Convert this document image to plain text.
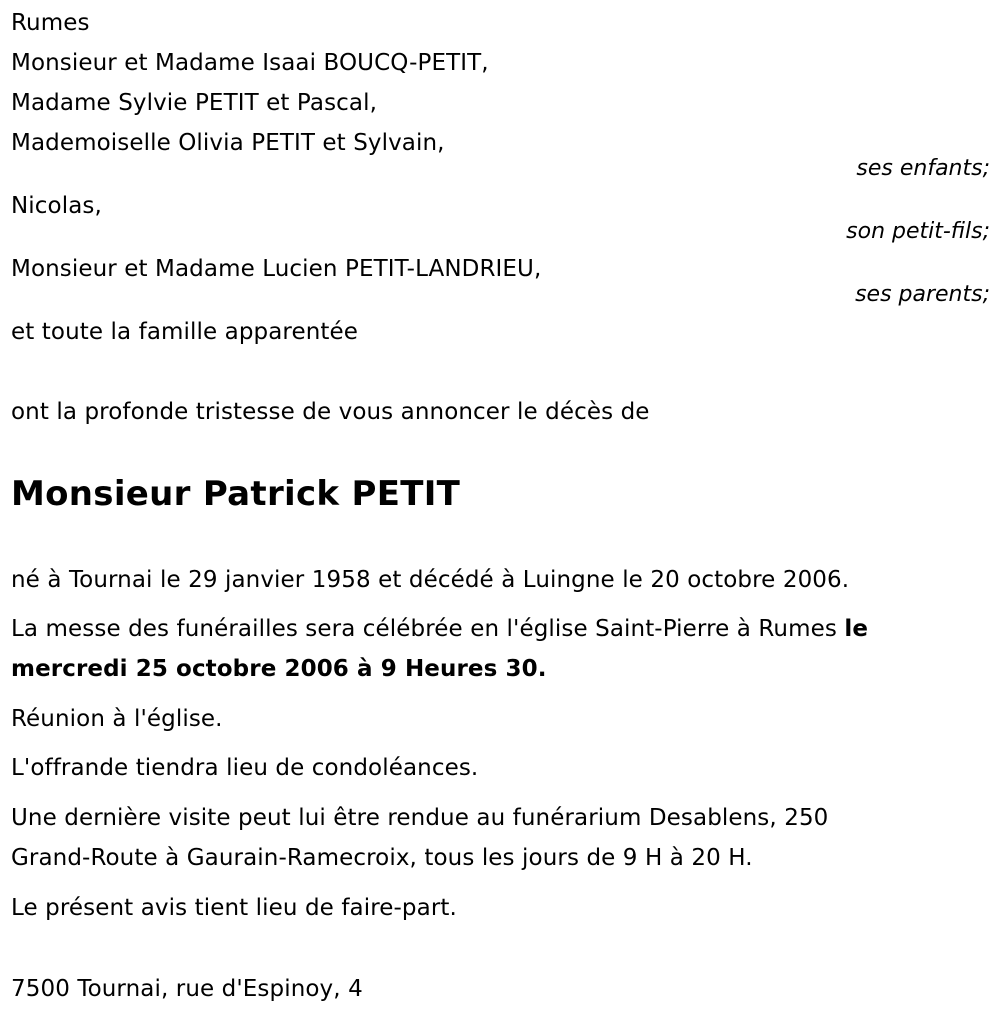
Rumes
Monsieur et Madame Isaai BOUCQ-PETIT,
Madame Sylvie PETIT et Pascal,
Mademoiselle Olivia PETIT et Sylvain,
ses enfants;
Nicolas,
son petit-fils;
Monsieur et Madame Lucien PETIT-LANDRIEU,
ses parents;
et toute la famille apparentée
ont la profonde tristesse de vous annoncer le décès de
Monsieur Patrick PETIT
né à Tournai le 29 janvier 1958 et décédé à Luingne le 20 octobre 2006.
La messe des funérailles sera célébrée en l'église Saint-Pierre à Rumes le
mercredi 25 octobre 2006 à 9 Heures 30.
Réunion à l'église.
L'offrande tiendra lieu de condoléances.
Une dernière visite peut lui être rendue au funérarium Desablens, 250
Grand-Route à Gaurain-Ramecroix, tous les jours de 9 H à 20 H.
Le présent avis tient lieu de faire-part.
7500 Tournai, rue d'Espinoy, 4
